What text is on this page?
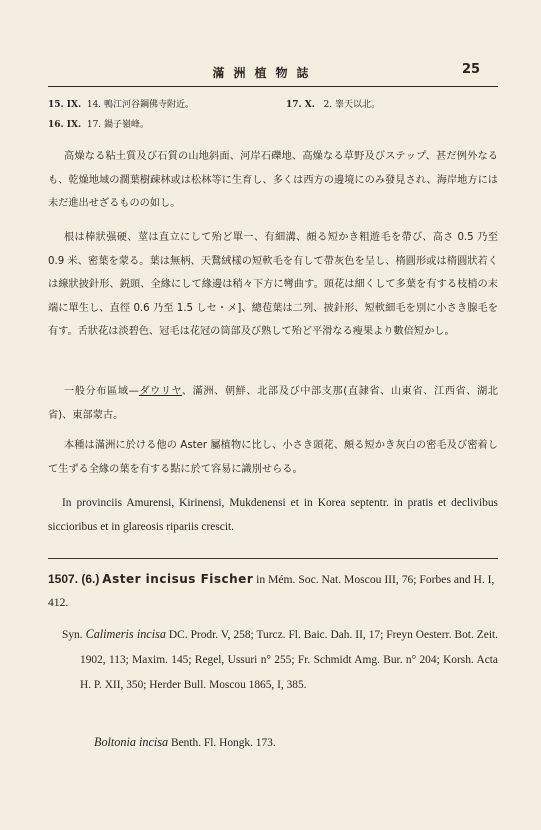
滿洲植物誌	25
15. IX. 14. 鴨江河谷鋼佛寺附近。
16. IX. 17. 鍋子嶺峰。
17. X. 2. 睾天以北。

高燥なる粘土質及び石質の山地斜面、河岸石礫地、高燥なる草野及びステップ、甚だ例外なるも、乾燥地域の濶葉樹疎林或は松林等に生育し、多くは西方の邊境にのみ發見され、海岸地方には未だ進出せざるものの如し。

根は棒狀强硬、莖は直立にして殆ど單一、有細溝、頗る短かき粗遊毛を帶び、高さ 0.5 乃至 0.9 米、密葉を蒙る。葉は無柄、天鵞絨樣の短軟毛を有して帶灰色を呈し、楕圓形或は楕圓狀若くは線狀披針形、鋭頭、全緣にして緣邊は稍々下方に彎曲す。頭花は細くして多葉を有する枝梢の末端に單生し、直徑 0.6 乃至 1.5 しセ・メ]、總苞葉は二列、披針形、短軟細毛を別に小さき腺毛を有す。舌狀花は淡碧色、冠毛は花冠の筒部及び熟して殆ど平滑なる瘦果より數倍短かし。

一般分布區域—ダウリヤ、滿洲、朝鮮、北部及び中部支那(直隷省、山東省、江西省、湖北省)、東部蒙古。

本種は滿洲に於ける他の Aster 屬植物に比し、小さき頭花、頗る短かき灰白の密毛及び密着して生ずる全緣の葉を有する點に於て容易に識別せらる。

In provinciis Amurensi, Kirinensi, Mukdenensi et in Korea septentr. in pratis et declivibus siccioribus et in glareosis ripariis crescit.

1507. (6.) Aster incisus Fischer in Mém. Soc. Nat. Moscou III, 76; Forbes and H. I, 412.

Syn. Calimeris incisa DC. Prodr. V, 258; Turcz. Fl. Baic. Dah. II, 17; Freyn Oesterr. Bot. Zeit. 1902, 113; Maxim. 145; Regel, Ussuri n° 255; Fr. Schmidt Amg. Bur. n° 204; Korsh. Acta H. P. XII, 350; Herder Bull. Moscou 1865, I, 385.

Boltonia incisa Benth. Fl. Hongk. 173.
